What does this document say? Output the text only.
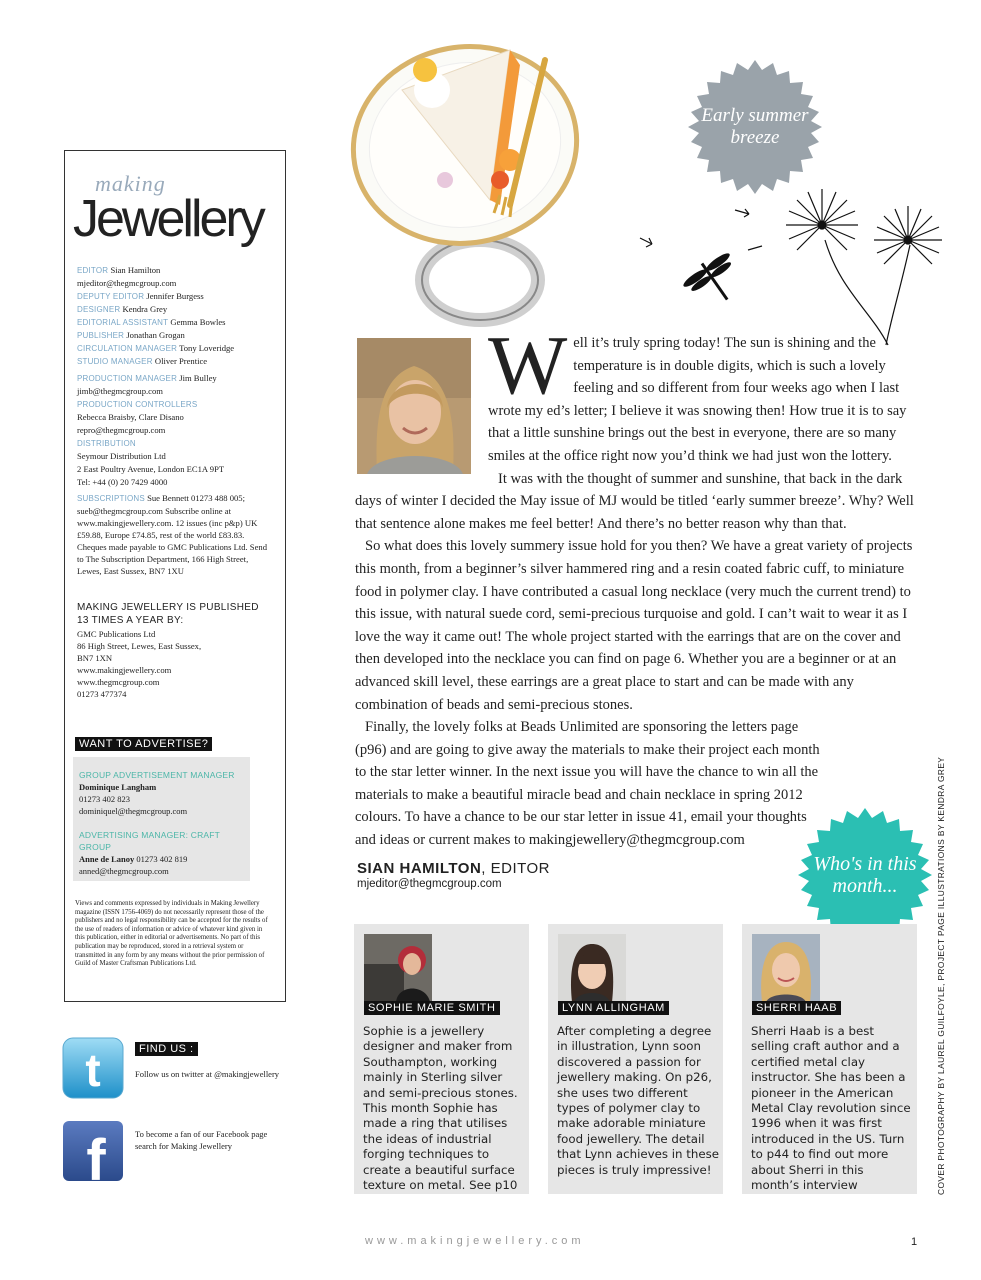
making
Jewellery
EDITOR Sian Hamilton
mjeditor@thegmcgroup.com
DEPUTY EDITOR Jennifer Burgess
DESIGNER Kendra Grey
EDITORIAL ASSISTANT Gemma Bowles
PUBLISHER Jonathan Grogan
CIRCULATION MANAGER Tony Loveridge
STUDIO MANAGER Oliver Prentice
PRODUCTION MANAGER Jim Bulley
jimb@thegmcgroup.com
PRODUCTION CONTROLLERS
Rebecca Braisby, Clare Disano
repro@thegmcgroup.com
DISTRIBUTION
Seymour Distribution Ltd
2 East Poultry Avenue, London EC1A 9PT
Tel: +44 (0) 20 7429 4000
SUBSCRIPTIONS Sue Bennett 01273 488 005; sueb@thegmcgroup.com Subscribe online at www.makingjewellery.com. 12 issues (inc p&p) UK £59.88, Europe £74.85, rest of the world £83.83. Cheques made payable to GMC Publications Ltd. Send to The Subscription Department, 166 High Street, Lewes, East Sussex, BN7 1XU
MAKING JEWELLERY IS PUBLISHED 13 TIMES A YEAR BY:
GMC Publications Ltd
86 High Street, Lewes, East Sussex,
BN7 1XN
www.makingjewellery.com
www.thegmcgroup.com
01273 477374
WANT TO ADVERTISE?
GROUP ADVERTISEMENT MANAGER
Dominique Langham
01273 402 823
dominiquel@thegmcgroup.com
ADVERTISING MANAGER: CRAFT GROUP
Anne de Lanoy 01273 402 819
anned@thegmcgroup.com
Views and comments expressed by individuals in Making Jewellery magazine (ISSN 1756-4069) do not necessarily represent those of the publishers and no legal responsibility can be accepted for the results of the use of readers of information or advice of whatever kind given in this publication, either in editorial or advertisements. No part of this publication may be reproduced, stored in a retrieval system or transmitted in any form by any means without the prior permission of Guild of Master Craftsman Publications Ltd.
t	FIND US :
Follow us on twitter at @makingjewellery
f	To become a fan of our Facebook page search for Making Jewellery
Early summer breeze

Well it’s truly spring today! The sun is shining and the temperature is in double digits, which is such a lovely feeling and so different from four weeks ago when I last wrote my ed’s letter; I believe it was snowing then! How true it is to say that a little sunshine brings out the best in everyone, there are so many smiles at the office right now you’d think we had just won the lottery.

It was with the thought of summer and sunshine, that back in the dark days of winter I decided the May issue of MJ would be titled ‘early summer breeze’. Why? Well that sentence alone makes me feel better! And there’s no better reason why than that.

So what does this lovely summery issue hold for you then? We have a great variety of projects this month, from a beginner’s silver hammered ring and a resin coated fabric cuff, to miniature food in polymer clay. I have contributed a casual long necklace (very much the current trend) to this issue, with natural suede cord, semi-precious turquoise and gold. I can’t wait to wear it as I love the way it came out! The whole project started with the earrings that are on the cover and then developed into the necklace you can find on page 6. Whether you are a beginner or at an advanced skill level, these earrings are a great place to start and can be made with any combination of beads and semi-precious stones.

Finally, the lovely folks at Beads Unlimited are sponsoring the letters page (p96) and are going to give away the materials to make their project each month to the star letter winner. In the next issue you will have the chance to win all the materials to make a beautiful miracle bead and chain necklace in spring 2012 colours. To have a chance to be our star letter in issue 41, email your thoughts and ideas or current makes to makingjewellery@thegmcgroup.com

SIAN HAMILTON, EDITOR
mjeditor@thegmcgroup.com
Who's in this month...
SOPHIE MARIE SMITH
Sophie is a jewellery designer and maker from Southampton, working mainly in Sterling silver and semi-precious stones. This month Sophie has made a ring that utilises the ideas of industrial forging techniques to create a beautiful surface texture on metal. See p10
LYNN ALLINGHAM
After completing a degree in illustration, Lynn soon discovered a passion for jewellery making. On p26, she uses two different types of polymer clay to make adorable miniature food jewellery. The detail that Lynn achieves in these pieces is truly impressive!
SHERRI HAAB
Sherri Haab is a best selling craft author and a certified metal clay instructor. She has been a pioneer in the American Metal Clay revolution since 1996 when it was first introduced in the US. Turn to p44 to find out more about Sherri in this month’s interview	COVER PHOTOGRAPHY BY LAUREL GUILFOYLE, PROJECT PAGE ILLUSTRATIONS BY KENDRA GREY
www.makingjewellery.com	1
